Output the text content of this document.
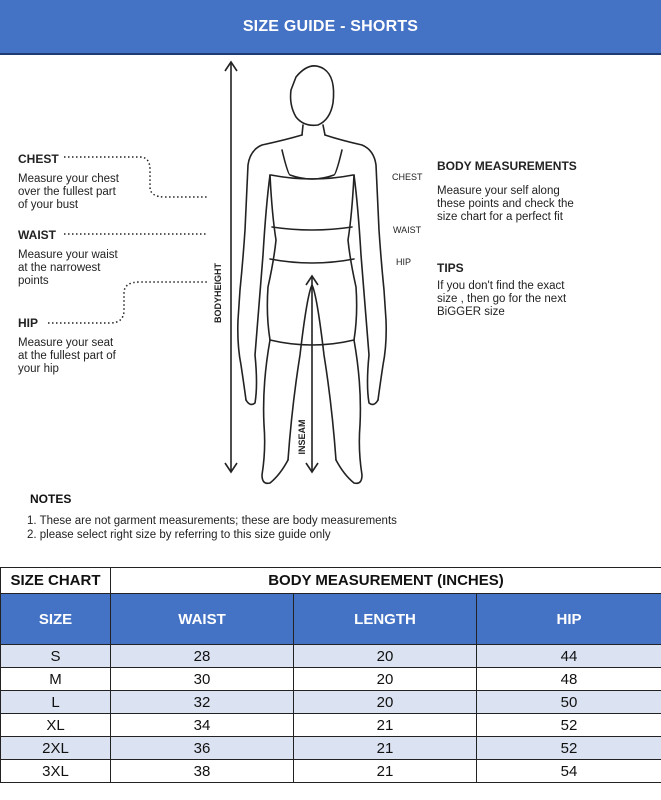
SIZE GUIDE - SHORTS
BODYHEIGHT
INSEAM
CHEST
Measure your chest
over the fullest part
of your bust
WAIST
Measure your waist
at the narrowest
points
HIP
Measure your seat
at the fullest part of
your hip
CHEST
WAIST
HIP
BODY MEASUREMENTS
Measure your self along
these points and check the
size chart for a perfect fit
TIPS
If you don't find the exact
size , then go for the next
BiGGER size
NOTES
1. These are not garment measurements; these are body measurements
2. please select right size by referring to this size guide only
SIZE CHART	BODY MEASUREMENT (INCHES)		
SIZE	WAIST	LENGTH	HIP
S	28	20	44
M	30	20	48
L	32	20	50
XL	34	21	52
2XL	36	21	52
3XL	38	21	54
